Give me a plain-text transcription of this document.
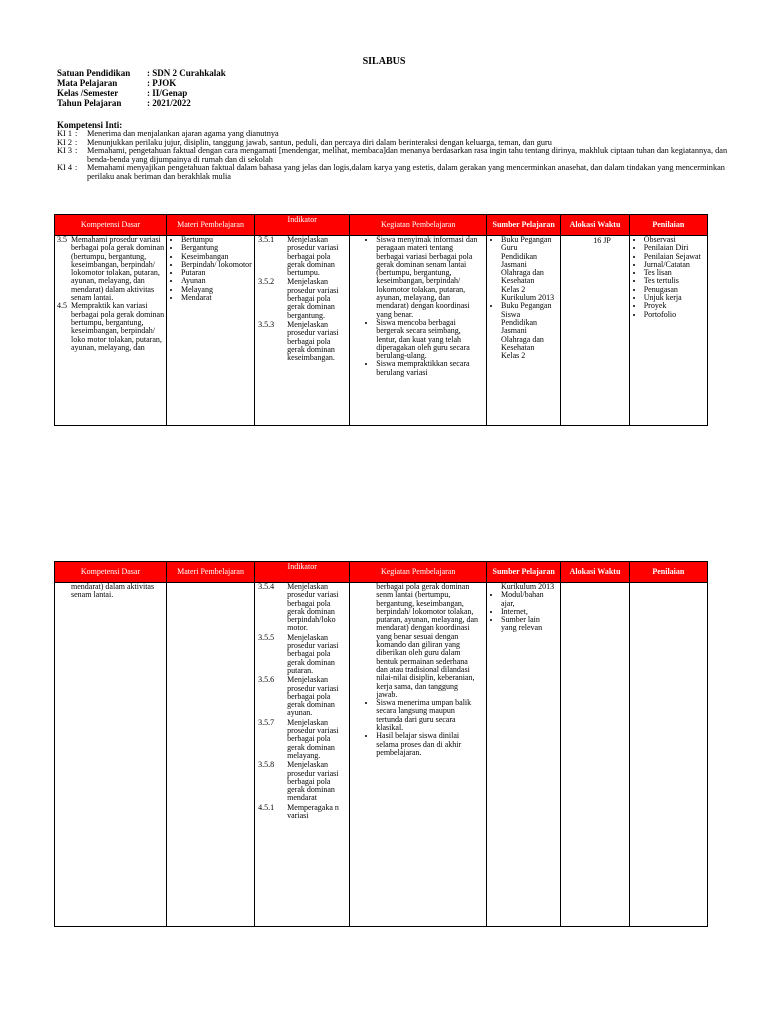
SILABUS
Satuan Pendidikan	: SDN 2 Curahkalak
Mata Pelajaran	: PJOK
Kelas /Semester	: II/Genap
Tahun Pelajaran	: 2021/2022
Kompetensi Inti:
KI 1 :	Menerima dan menjalankan ajaran agama yang dianutnya
KI 2 :	Menunjukkan perilaku jujur, disiplin, tanggung jawab, santun, peduli, dan percaya diri dalam berinteraksi dengan keluarga, teman, dan guru
KI 3 :	Memahami, pengetahuan faktual dengan cara mengamati [mendengar, melihat, membaca]dan menanya berdasarkan rasa ingin tahu tentang dirinya, makhluk ciptaan tuhan dan kegiatannya, dan benda-benda yang dijumpainya di rumah dan di sekolah
KI 4 :	Memahami menyajikan pengetahuan faktual dalam bahasa yang jelas dan logis,dalam karya yang estetis, dalam gerakan yang mencerminkan anasehat, dan dalam tindakan yang mencerminkan perilaku anak beriman dan berakhlak mulia
Kompetensi Dasar	Materi Pembelajaran
Indikator
Kegiatan Pembelajaran	Sumber Pelajaran	Alokasi Waktu	Penilaian
3.5 Memahami prosedur variasi berbagai pola gerak dominan (bertumpu, bergantung, keseimbangan, berpindah/ lokomotor tolakan, putaran, ayunan, melayang, dan mendarat) dalam aktivitas senam lantai.
4.5 Mempraktik kan variasi berbagai pola gerak dominan bertumpu, bergantung, keseimbangan, berpindah/ loko motor tolakan, putaran, ayunan, melayang, dan
• Bertumpu
• Bergantung
• Keseimbangan
• Berpindah/ lokomotor
• Putaran
• Ayunan
• Melayang
• Mendarat
3.5.1	Menjelaskan prosedur variasi berbagai pola gerak dominan bertumpu.
3.5.2	Menjelaskan prosedur variasi berbagai pola gerak dominan bergantung.
3.5.3	Menjelaskan prosedur variasi berbagai pola gerak dominan keseimbangan.
• Siswa menyimak informasi dan peragaan materi tentang berbagai variasi berbagai pola gerak dominan senam lantai (bertumpu, bergantung, keseimbangan, berpindah/ lokomotor tolakan, putaran, ayunan, melayang, dan mendarat) dengan koordinasi yang benar.
• Siswa mencoba berbagai bergerak secara seimbang, lentur, dan kuat yang telah diperagakan oleh guru secara berulang-ulang.
• Siswa mempraktikkan secara berulang variasi
• Buku Pegangan Guru Pendidikan Jasmani Olahraga dan Kesehatan Kelas 2 Kurikulum 2013
• Buku Pegangan Siswa Pendidikan Jasmani Olahraga dan Kesehatan Kelas 2
16 JP
•	Observasi
• Penilaian Diri
• Penilaian Sejawat
• Jurnal/Catatan
• Tes lisan
• Tes tertulis
• Penugasan
• Unjuk kerja
• Proyek
• Portofolio
Kompetensi Dasar	Materi Pembelajaran
Indikator
Kegiatan Pembelajaran	Sumber Pelajaran	Alokasi Waktu	Penilaian
mendarat) dalam aktivitas senam lantai.
3.5.4	Menjelaskan prosedur variasi berbagai pola gerak dominan berpindah/loko motor.
3.5.5	Menjelaskan prosedur variasi berbagai pola gerak dominan putaran.
3.5.6	Menjelaskan prosedur variasi berbagai pola gerak dominan ayunan.
3.5.7	Menjelaskan prosedur variasi berbagai pola gerak dominan melayang.
3.5.8	Menjelaskan prosedur variasi berbagai pola gerak dominan mendarat
4.5.1	Memperagaka n variasi
berbagai pola gerak dominan senm lantai (bertumpu, bergantung, keseimbangan, berpindah/ lokomotor tolakan, putaran, ayunan, melayang, dan mendarat) dengan koordinasi yang benar sesuai dengan komando dan giliran yang diberikan oleh guru dalam bentuk permainan sederhana dan atau tradisional dilandasi nilai-nilai disiplin, keberanian, kerja sama, dan tanggung jawab.
• Siswa menerima umpan balik secara langsung maupun tertunda dari guru secara klasikal.
• Hasil belajar siswa dinilai selama proses dan di akhir pembelajaran.
Kurikulum 2013
• Modul/bahan ajar,
• Internet,
• Sumber lain yang relevan
